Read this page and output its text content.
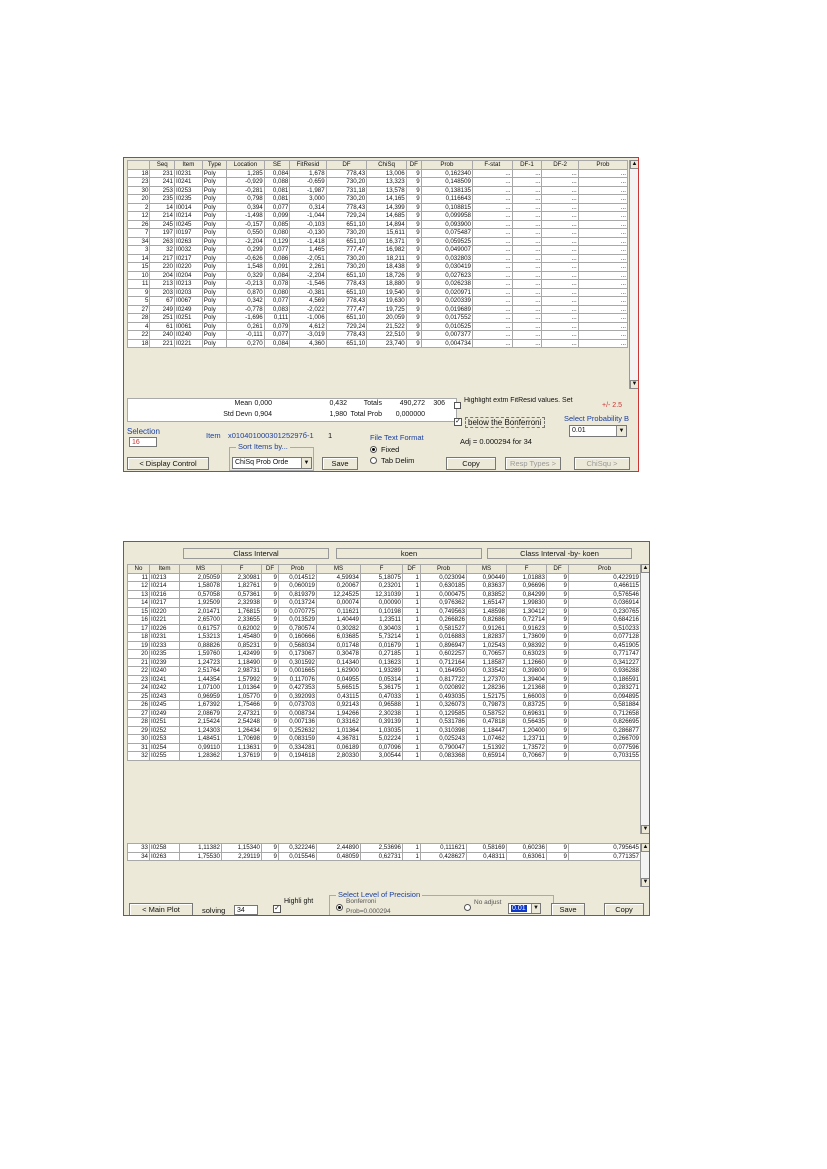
	Seq	Item	Type	Location	SE	FitResid	DF	ChiSq	DF	Prob	F-stat	DF-1	DF-2	Prob
18	231	I0231	Poly	1,285	0,084	1,678	778,43	13,006	9	0,162340	...	...	...	...
23	241	I0241	Poly	-0,929	0,088	-0,659	730,20	13,323	9	0,148509	...	...	...	...
30	253	I0253	Poly	-0,281	0,081	-1,987	731,18	13,578	9	0,138135	...	...	...	...
20	235	I0235	Poly	0,798	0,081	3,000	730,20	14,165	9	0,116643	...	...	...	...
2	14	I0014	Poly	0,394	0,077	0,314	778,43	14,399	9	0,108815	...	...	...	...
12	214	I0214	Poly	-1,498	0,099	-1,044	729,24	14,685	9	0,099958	...	...	...	...
26	245	I0245	Poly	-0,157	0,085	-0,103	651,10	14,894	9	0,093900	...	...	...	...
7	197	I0197	Poly	0,550	0,080	-0,130	730,20	15,611	9	0,075487	...	...	...	...
34	263	I0263	Poly	-2,204	0,129	-1,418	651,10	16,371	9	0,059525	...	...	...	...
3	32	I0032	Poly	0,299	0,077	1,465	777,47	16,982	9	0,049007	...	...	...	...
14	217	I0217	Poly	-0,626	0,086	-2,051	730,20	18,211	9	0,032803	...	...	...	...
15	220	I0220	Poly	1,548	0,091	2,261	730,20	18,438	9	0,030419	...	...	...	...
10	204	I0204	Poly	0,329	0,084	-2,204	651,10	18,726	9	0,027623	...	...	...	...
11	213	I0213	Poly	-0,213	0,078	-1,546	778,43	18,880	9	0,026238	...	...	...	...
9	203	I0203	Poly	0,870	0,080	-0,381	651,10	19,540	9	0,020971	...	...	...	...
5	67	I0067	Poly	0,342	0,077	4,569	778,43	19,630	9	0,020339	...	...	...	...
27	249	I0249	Poly	-0,778	0,083	-2,022	777,47	19,725	9	0,019689	...	...	...	...
28	251	I0251	Poly	-1,696	0,111	-1,006	651,10	20,059	9	0,017552	...	...	...	...
4	61	I0061	Poly	0,261	0,079	4,612	729,24	21,522	9	0,010525	...	...	...	...
22	240	I0240	Poly	-0,111	0,077	-3,019	778,43	22,510	9	0,007377	...	...	...	...
18	221	I0221	Poly	0,270	0,084	4,360	651,10	23,740	9	0,004734	...	...	...	...
▲
▼
Mean 0,000	0,432
Std Devn 0,904	1,980
Totals	490,272	306
Total Prob	0,000000
Highlight extm FitResid values. Set
+/- 2.5
✓ below the Bonferroni	Select Probability B
0.01	▼
Selection
16
Item x01040100030125297б-1 1
Sort Items by...
ChiSq Prob Orde	▼
File Text Format
Fixed
Tab Delim
Adj = 0.000294 for 34
< Display Control	Save	Copy	Resp Types >	ChiSqu >
Class Interval	koen	Class Interval -by- koen
No	Item	MS	F	DF	Prob	MS	F	DF	Prob	MS	F	DF	Prob
11	I0213	2,05059	2,30981	9	0,014512	4,59934	5,18075	1	0,023094	0,90449	1,01883	9	0,422919
12	I0214	1,58078	1,82761	9	0,060019	0,20067	0,23201	1	0,630185	0,83637	0,96696	9	0,466115
13	I0216	0,57058	0,57361	9	0,819379	12,24525	12,31039	1	0,000475	0,83852	0,84299	9	0,576546
14	I0217	1,92509	2,32938	9	0,013724	0,00074	0,00090	1	0,976362	1,65147	1,99830	9	0,036914
15	I0220	2,01471	1,76815	9	0,070775	0,11621	0,10198	1	0,749563	1,48598	1,30412	9	0,230765
16	I0221	2,65700	2,33655	9	0,013529	1,40449	1,23511	1	0,266826	0,82686	0,72714	9	0,684216
17	I0226	0,61757	0,62002	9	0,780574	0,30282	0,30403	1	0,581527	0,91261	0,91623	9	0,510233
18	I0231	1,53213	1,45480	9	0,160666	6,03685	5,73214	1	0,016883	1,82837	1,73609	9	0,077128
19	I0233	0,88826	0,85231	9	0,568034	0,01748	0,01679	1	0,896947	1,02543	0,98392	9	0,451905
20	I0235	1,59760	1,42499	9	0,173067	0,30478	0,27185	1	0,602257	0,70657	0,63023	9	0,771747
21	I0239	1,24723	1,18490	9	0,301592	0,14340	0,13623	1	0,712164	1,18587	1,12660	9	0,341227
22	I0240	2,51764	2,98731	9	0,001665	1,62900	1,93289	1	0,164950	0,33542	0,39800	9	0,936288
23	I0241	1,44354	1,57992	9	0,117076	0,04955	0,05314	1	0,817722	1,27370	1,39404	9	0,186591
24	I0242	1,07100	1,01364	9	0,427353	5,66515	5,36175	1	0,020892	1,28236	1,21368	9	0,283271
25	I0243	0,96959	1,05770	9	0,392093	0,43115	0,47033	1	0,493035	1,52175	1,66003	9	0,094895
26	I0245	1,67392	1,75466	9	0,073703	0,92143	0,96588	1	0,326073	0,79873	0,83725	9	0,581884
27	I0249	2,08679	2,47321	9	0,008734	1,94266	2,30238	1	0,129585	0,58752	0,69631	9	0,712658
28	I0251	2,15424	2,54248	9	0,007136	0,33162	0,39139	1	0,531786	0,47818	0,56435	9	0,826695
29	I0252	1,24303	1,26434	9	0,252632	1,01364	1,03035	1	0,310398	1,18447	1,20400	9	0,286877
30	I0253	1,48451	1,70698	9	0,083159	4,36781	5,02224	1	0,025243	1,07462	1,23711	9	0,266709
31	I0254	0,99110	1,13631	9	0,334281	0,06189	0,07096	1	0,790047	1,51392	1,73572	9	0,077596
32	I0255	1,28362	1,37619	9	0,194618	2,80330	3,00544	1	0,083368	0,65914	0,70667	9	0,703155
▲
▼
33	I0258	1,11382	1,15340	9	0,322246	2,44890	2,53696	1	0,111621	0,58169	0,60236	9	0,795645
34	I0263	1,75530	2,29119	9	0,015546	0,48059	0,62731	1	0,428627	0,48311	0,63061	9	0,771357
▲
▼
< Main Plot	solving	34	✓
Highli ght
Select Level of Precision
Bonferroni
Prob=0.000294
No adjust
0.01	▼	Save	Copy
